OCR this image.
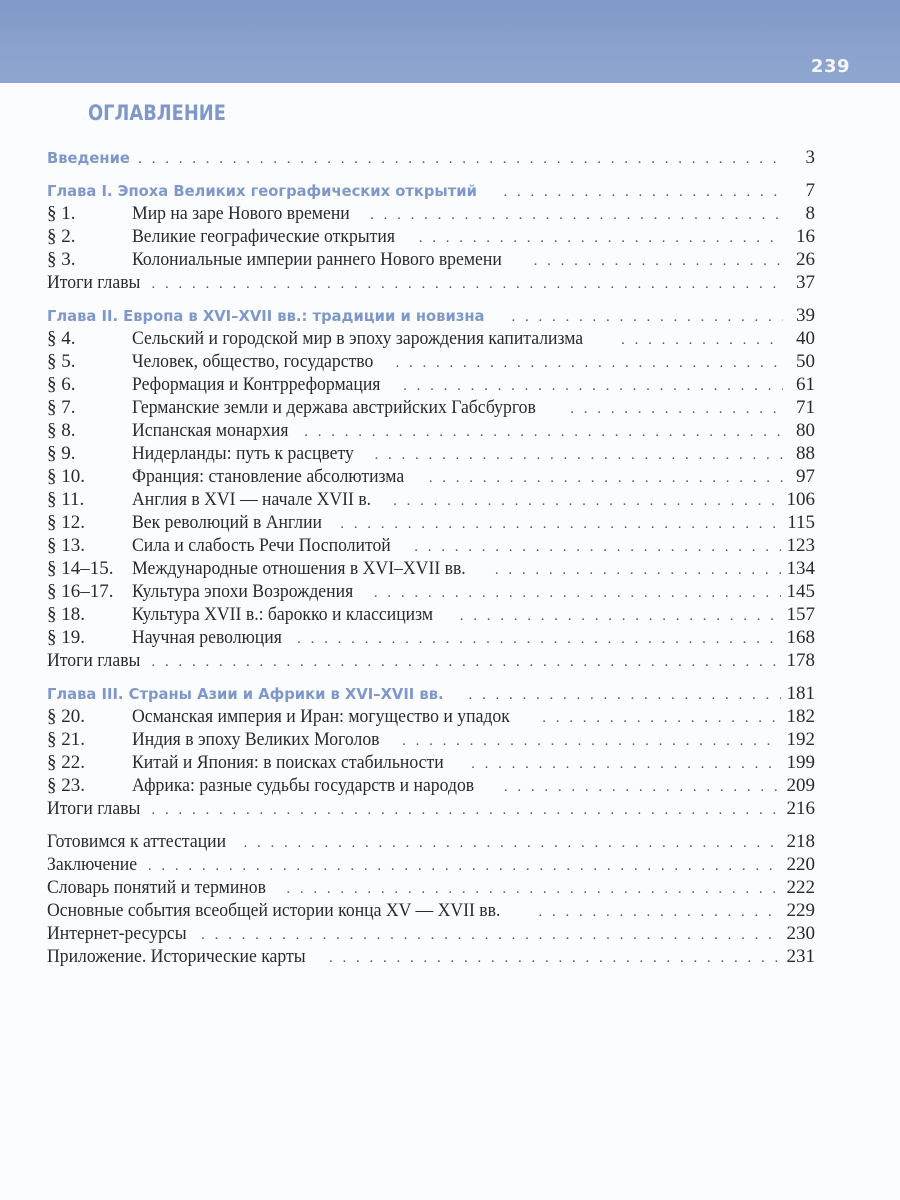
239
ОГЛАВЛЕНИЕ
Введение . . .	3
Глава I. Эпоха Великих географических открытий . . .	7
§ 1.	Мир на заре Нового времени . . .	8
§ 2.	Великие географические открытия . . .	16
§ 3.	Колониальные империи раннего Нового времени . . .	26
Итоги главы . . .	37
Глава II. Европа в XVI–XVII вв.: традиции и новизна . . .	39
§ 4.	Сельский и городской мир в эпоху зарождения капитализма . . .	40
§ 5.	Человек, общество, государство . . .	50
§ 6.	Реформация и Контрреформация . . .	61
§ 7.	Германские земли и держава австрийских Габсбургов . . .	71
§ 8.	Испанская монархия . . .	80
§ 9.	Нидерланды: путь к расцвету . . .	88
§ 10.	Франция: становление абсолютизма . . .	97
§ 11.	Англия в XVI — начале XVII в. . . .	106
§ 12.	Век революций в Англии . . .	115
§ 13.	Сила и слабость Речи Посполитой . . .	123
§ 14–15. Международные отношения в XVI–XVII вв. . . .	134
§ 16–17. Культура эпохи Возрождения . . .	145
§ 18.	Культура XVII в.: барокко и классицизм . . .	157
§ 19.	Научная революция . . .	168
Итоги главы . . .	178
Глава III. Страны Азии и Африки в XVI–XVII вв. . . .	181
§ 20.	Османская империя и Иран: могущество и упадок . . .	182
§ 21.	Индия в эпоху Великих Моголов . . .	192
§ 22.	Китай и Япония: в поисках стабильности . . .	199
§ 23.	Африка: разные судьбы государств и народов . . .	209
Итоги главы . . .	216
Готовимся к аттестации . . .	218
Заключение . . .	220
Словарь понятий и терминов . . .	222
Основные события всеобщей истории конца XV — XVII вв. . . .	229
Интернет-ресурсы . . .	230
Приложение. Исторические карты . . .	231
